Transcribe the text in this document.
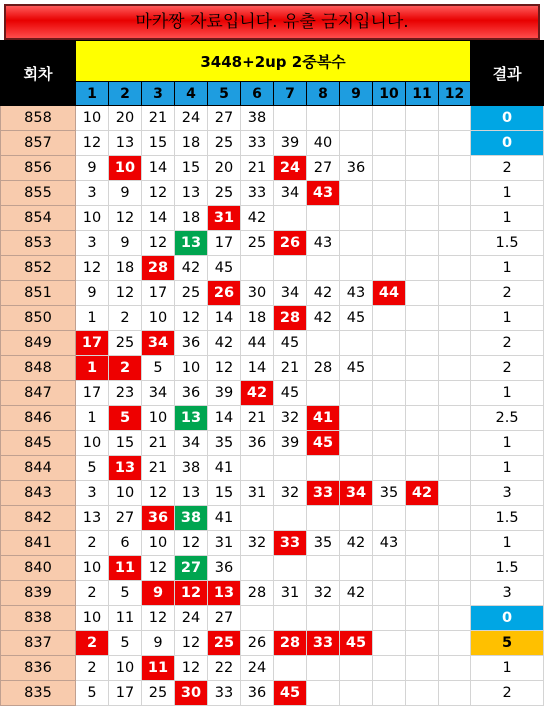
마카짱 자료입니다. 유출 금지입니다.
회차	3448+2up 2중복수												결과
	1	2	3	4	5	6	7	8	9	10	11	12	
858	10	20	21	24	27	38							0
857	12	13	15	18	25	33	39	40					0
856	9	10	14	15	20	21	24	27	36				2
855	3	9	12	13	25	33	34	43					1
854	10	12	14	18	31	42							1
853	3	9	12	13	17	25	26	43					1.5
852	12	18	28	42	45								1
851	9	12	17	25	26	30	34	42	43	44			2
850	1	2	10	12	14	18	28	42	45				1
849	17	25	34	36	42	44	45						2
848	1	2	5	10	12	14	21	28	45				2
847	17	23	34	36	39	42	45						1
846	1	5	10	13	14	21	32	41					2.5
845	10	15	21	34	35	36	39	45					1
844	5	13	21	38	41								1
843	3	10	12	13	15	31	32	33	34	35	42		3
842	13	27	36	38	41								1.5
841	2	6	10	12	31	32	33	35	42	43			1
840	10	11	12	27	36								1.5
839	2	5	9	12	13	28	31	32	42				3
838	10	11	12	24	27								0
837	2	5	9	12	25	26	28	33	45				5
836	2	10	11	12	22	24							1
835	5	17	25	30	33	36	45						2
